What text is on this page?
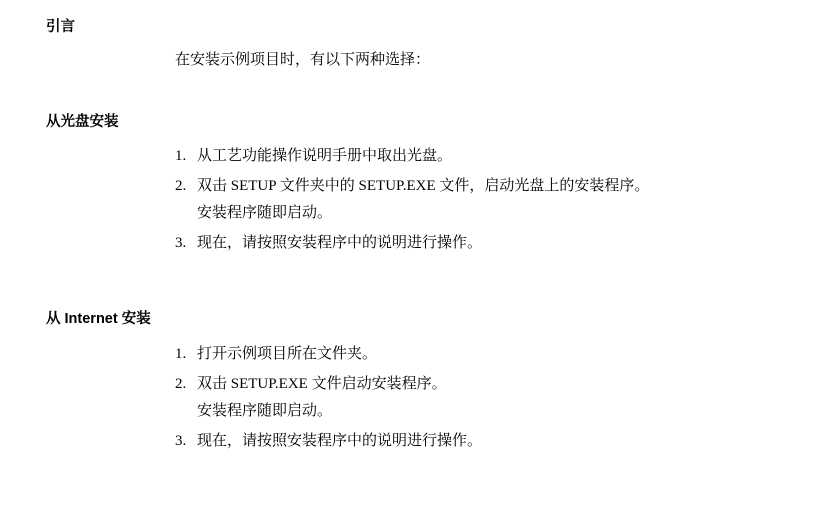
引言
在安装示例项目时，有以下两种选择：
从光盘安装
1. 从工艺功能操作说明手册中取出光盘。
2. 双击 SETUP 文件夹中的 SETUP.EXE 文件，启动光盘上的安装程序。
安装程序随即启动。
3. 现在，请按照安装程序中的说明进行操作。
从 Internet 安装
1. 打开示例项目所在文件夹。
2. 双击 SETUP.EXE 文件启动安装程序。
安装程序随即启动。
3. 现在，请按照安装程序中的说明进行操作。
